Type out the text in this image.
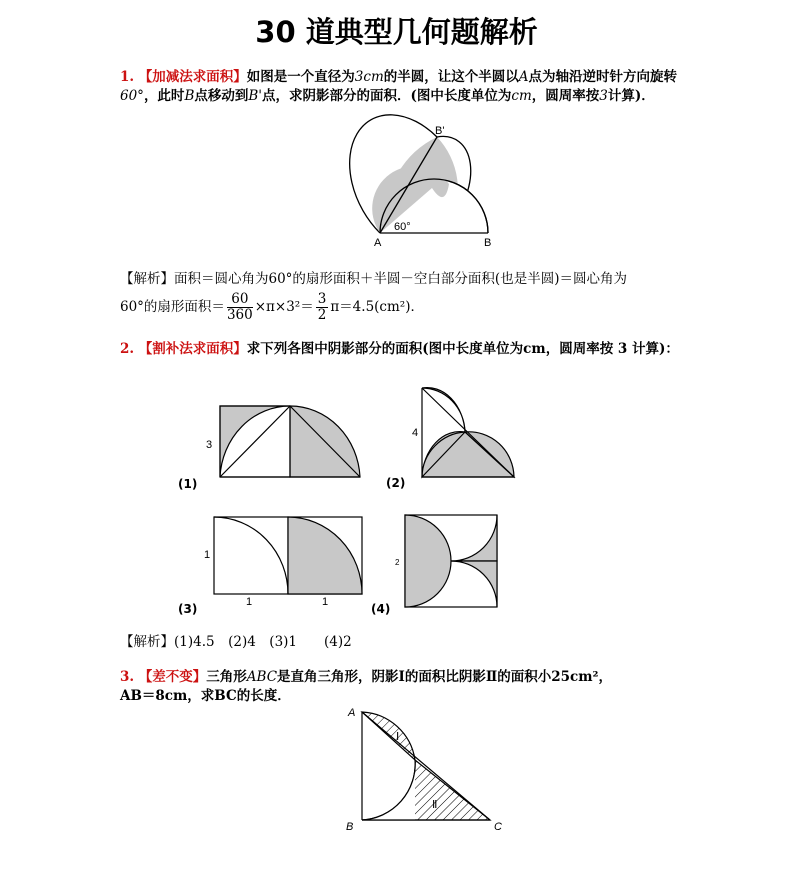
30 道典型几何题解析
1. 【加减法求面积】如图是一个直径为3cm的半圆，让这个半圆以A点为轴沿逆时针方向旋转60°，此时B点移动到B'点，求阴影部分的面积．(图中长度单位为cm，圆周率按3计算)．
A	B
B'
60°
【解析】面积＝圆心角为60°的扇形面积＋半圆－空白部分面积(也是半圆)＝圆心角为
60°的扇形面积＝ $\frac{60}{360} \times\pi\times 3^2= \frac{3}{2} \pi=4.5(cm^2)$．
2. 【割补法求面积】求下列各图中阴影部分的面积(图中长度单位为cm，圆周率按 3 计算)：
3
(1)
4
(2)
1
1	1
(3)
2
(4)
【解析】(1)4.5　(2)4　(3)1　　(4)2
3. 【差不变】三角形ABC是直角三角形，阴影Ⅰ的面积比阴影Ⅱ的面积小25cm²，
AB＝8cm，求BC的长度．
A
B	C
Ⅰ
Ⅱ
